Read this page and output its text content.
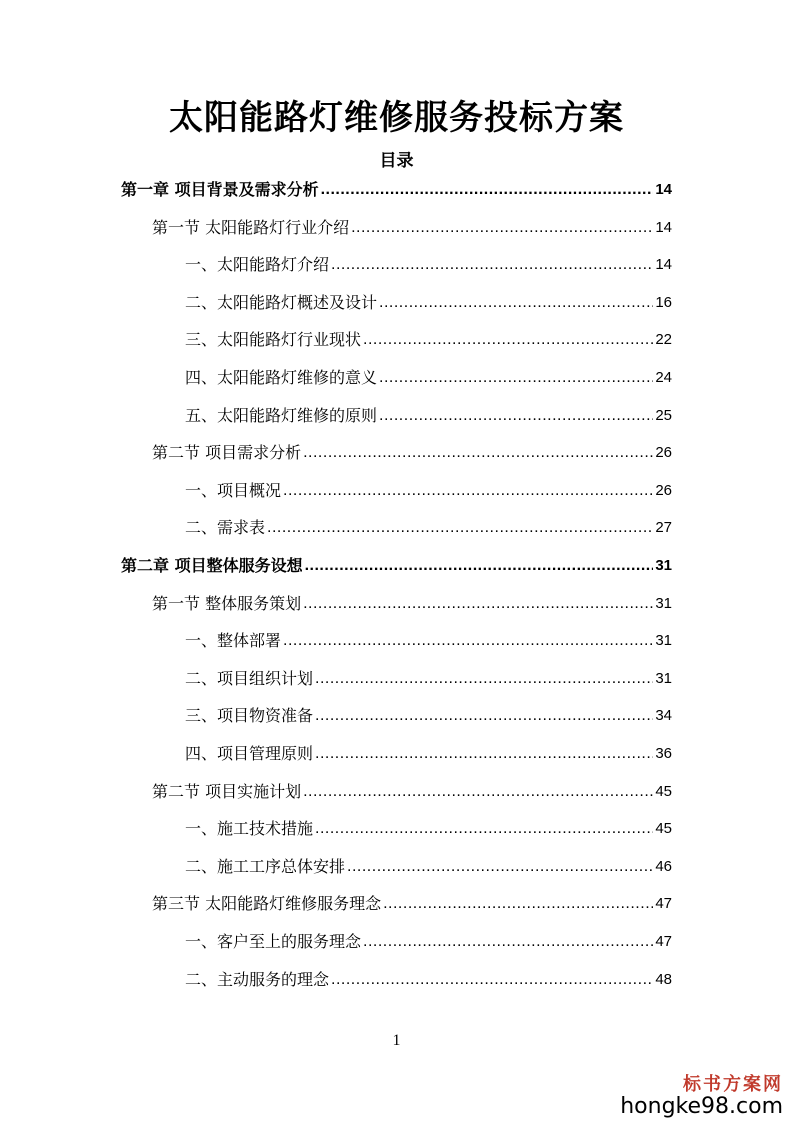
太阳能路灯维修服务投标方案
目录
第一章 项目背景及需求分析 .....	14
第一节 太阳能路灯行业介绍 .....	14
一、太阳能路灯介绍 .....	14
二、太阳能路灯概述及设计 .....	16
三、太阳能路灯行业现状 .....	22
四、太阳能路灯维修的意义 .....	24
五、太阳能路灯维修的原则 .....	25
第二节 项目需求分析 .....	26
一、项目概况 .....	26
二、需求表 .....	27
第二章 项目整体服务设想 .....	31
第一节 整体服务策划 .....	31
一、整体部署 .....	31
二、项目组织计划 .....	31
三、项目物资准备 .....	34
四、项目管理原则 .....	36
第二节 项目实施计划 .....	45
一、施工技术措施 .....	45
二、施工工序总体安排 .....	46
第三节 太阳能路灯维修服务理念 .....	47
一、客户至上的服务理念 .....	47
二、主动服务的理念 .....	48
1
标书方案网
hongke98.com
